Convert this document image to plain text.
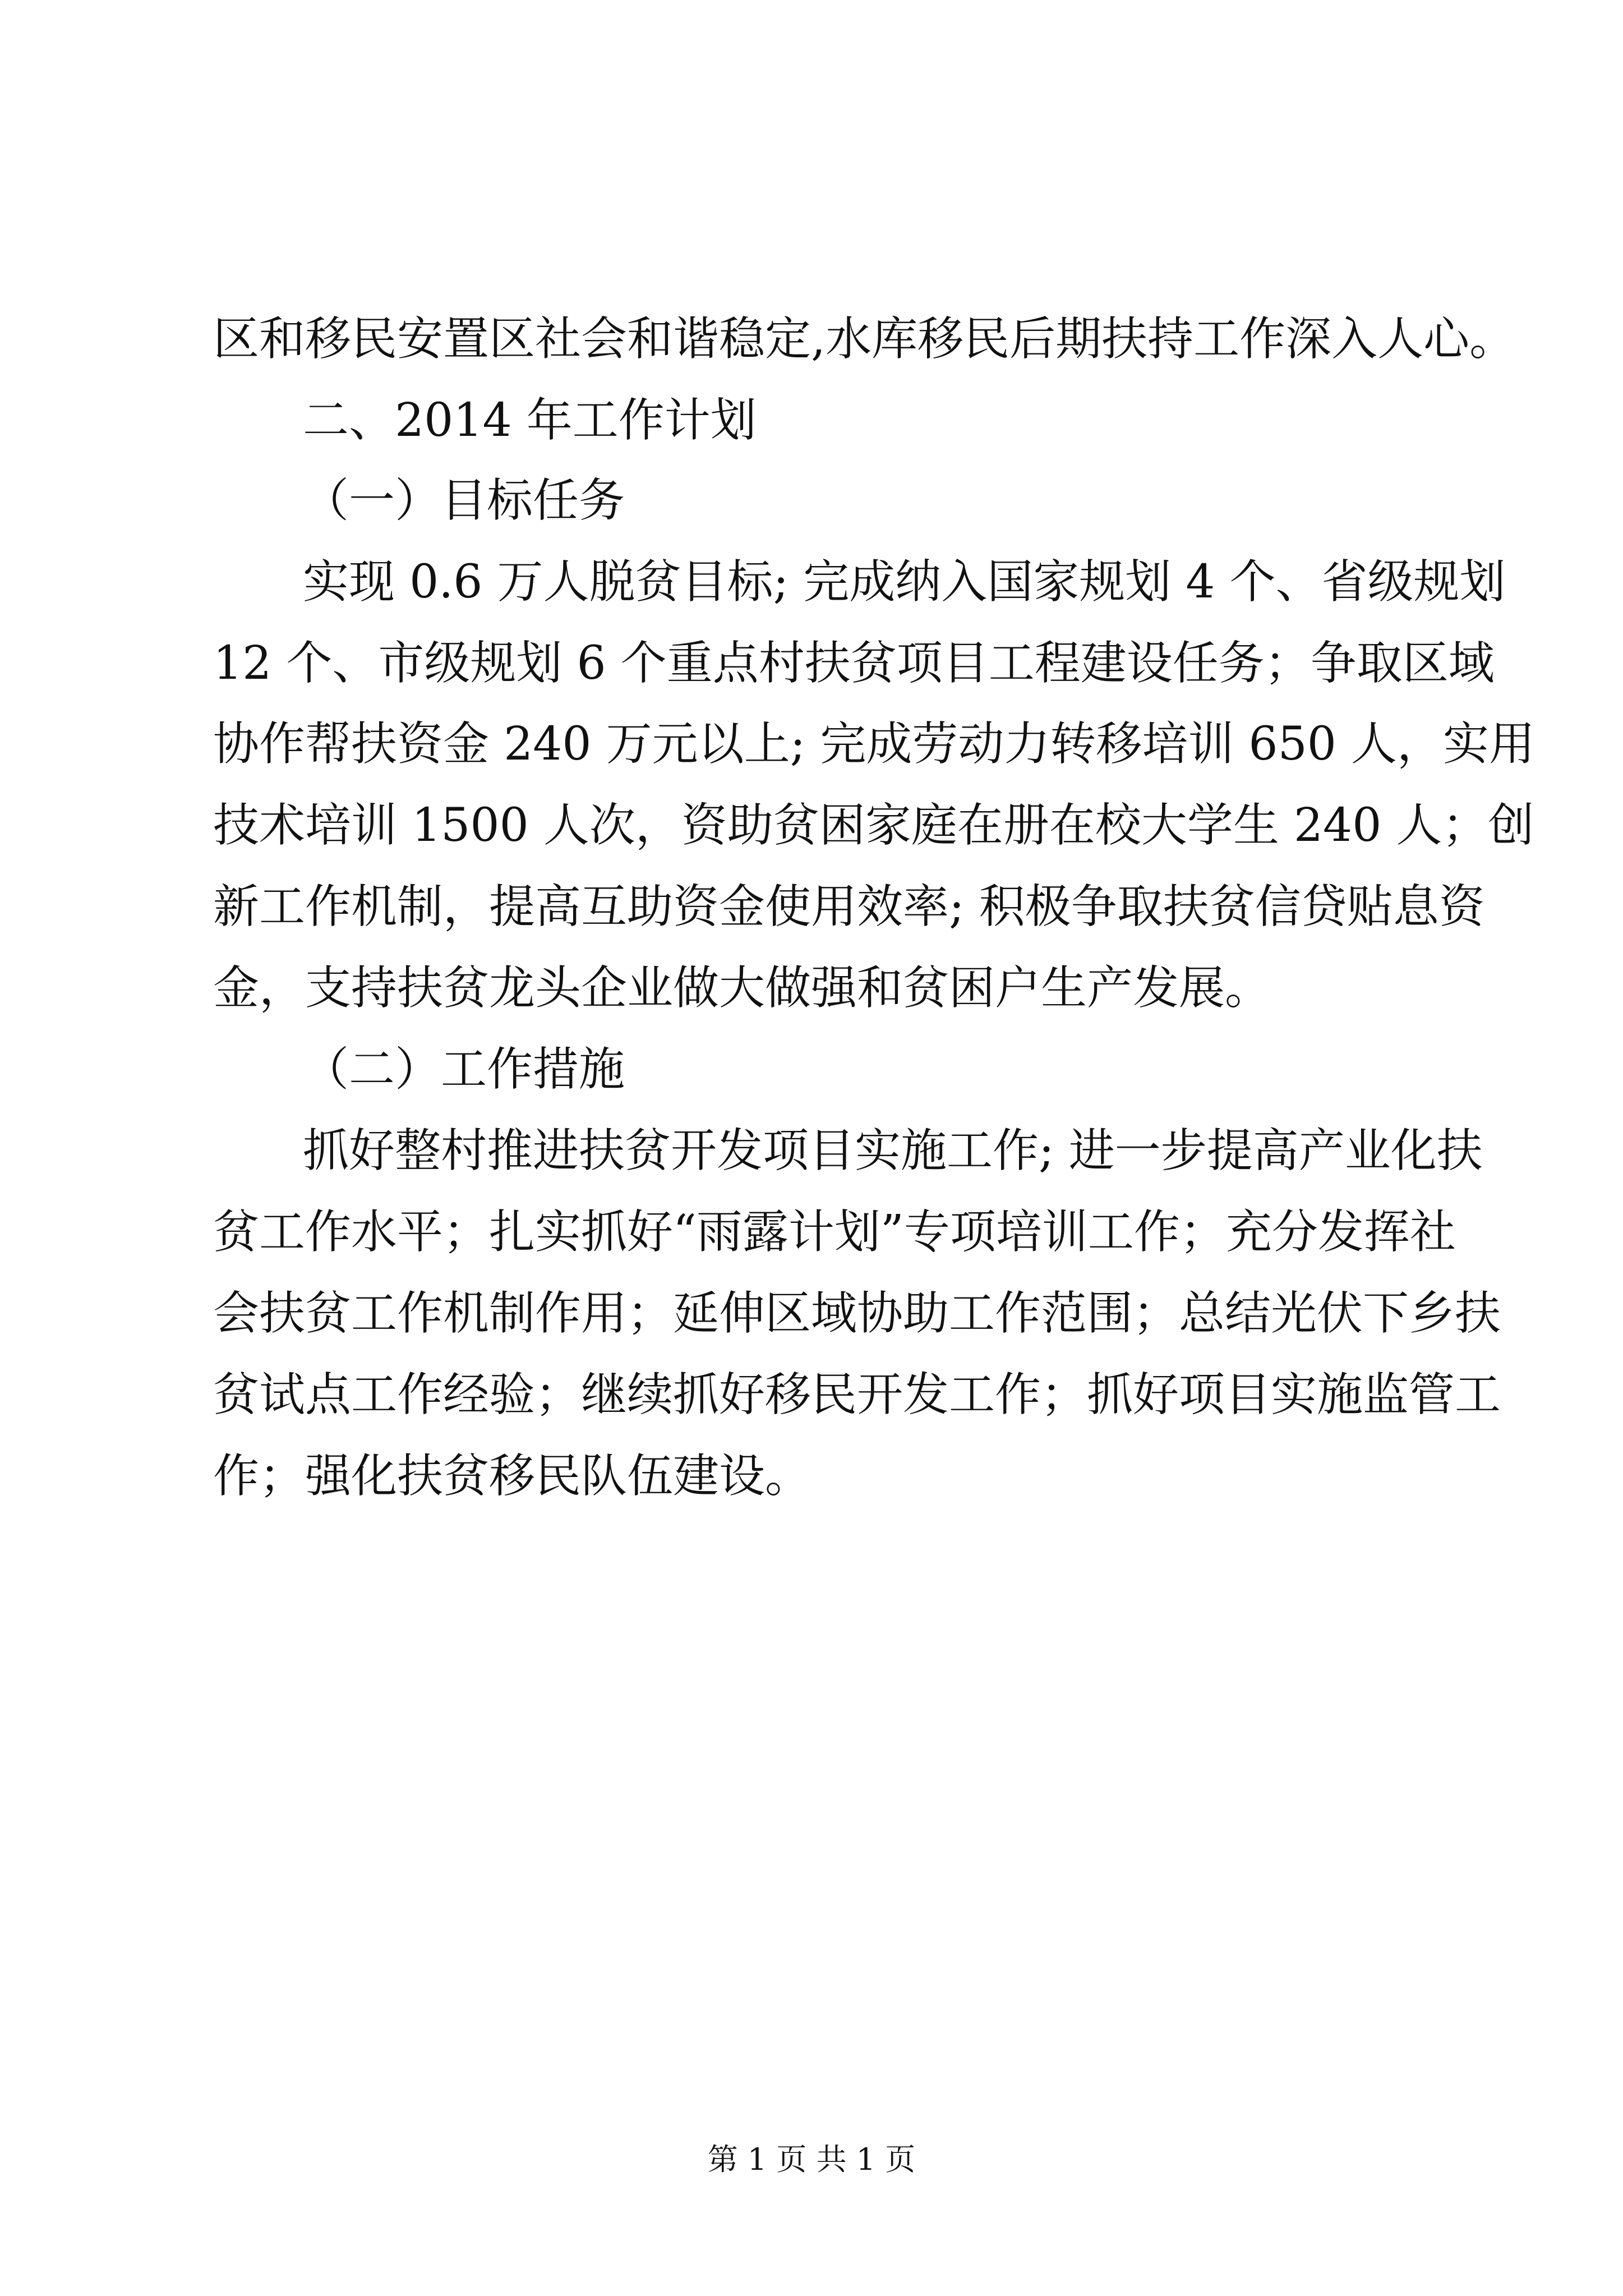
区和移民安置区社会和谐稳定,水库移民后期扶持工作深入人心。
二、2014 年工作计划
（一）目标任务
实现 0.6 万人脱贫目标; 完成纳入国家规划 4 个、省级规划
12 个、市级规划 6 个重点村扶贫项目工程建设任务；争取区域
协作帮扶资金 240 万元以上; 完成劳动力转移培训 650 人，实用
技术培训 1500 人次，资助贫困家庭在册在校大学生 240 人；创
新工作机制，提高互助资金使用效率; 积极争取扶贫信贷贴息资
金，支持扶贫龙头企业做大做强和贫困户生产发展。
（二）工作措施
抓好整村推进扶贫开发项目实施工作; 进一步提高产业化扶
贫工作水平；扎实抓好“雨露计划”专项培训工作；充分发挥社
会扶贫工作机制作用；延伸区域协助工作范围；总结光伏下乡扶
贫试点工作经验；继续抓好移民开发工作；抓好项目实施监管工
作；强化扶贫移民队伍建设。
第 1 页 共 1 页
